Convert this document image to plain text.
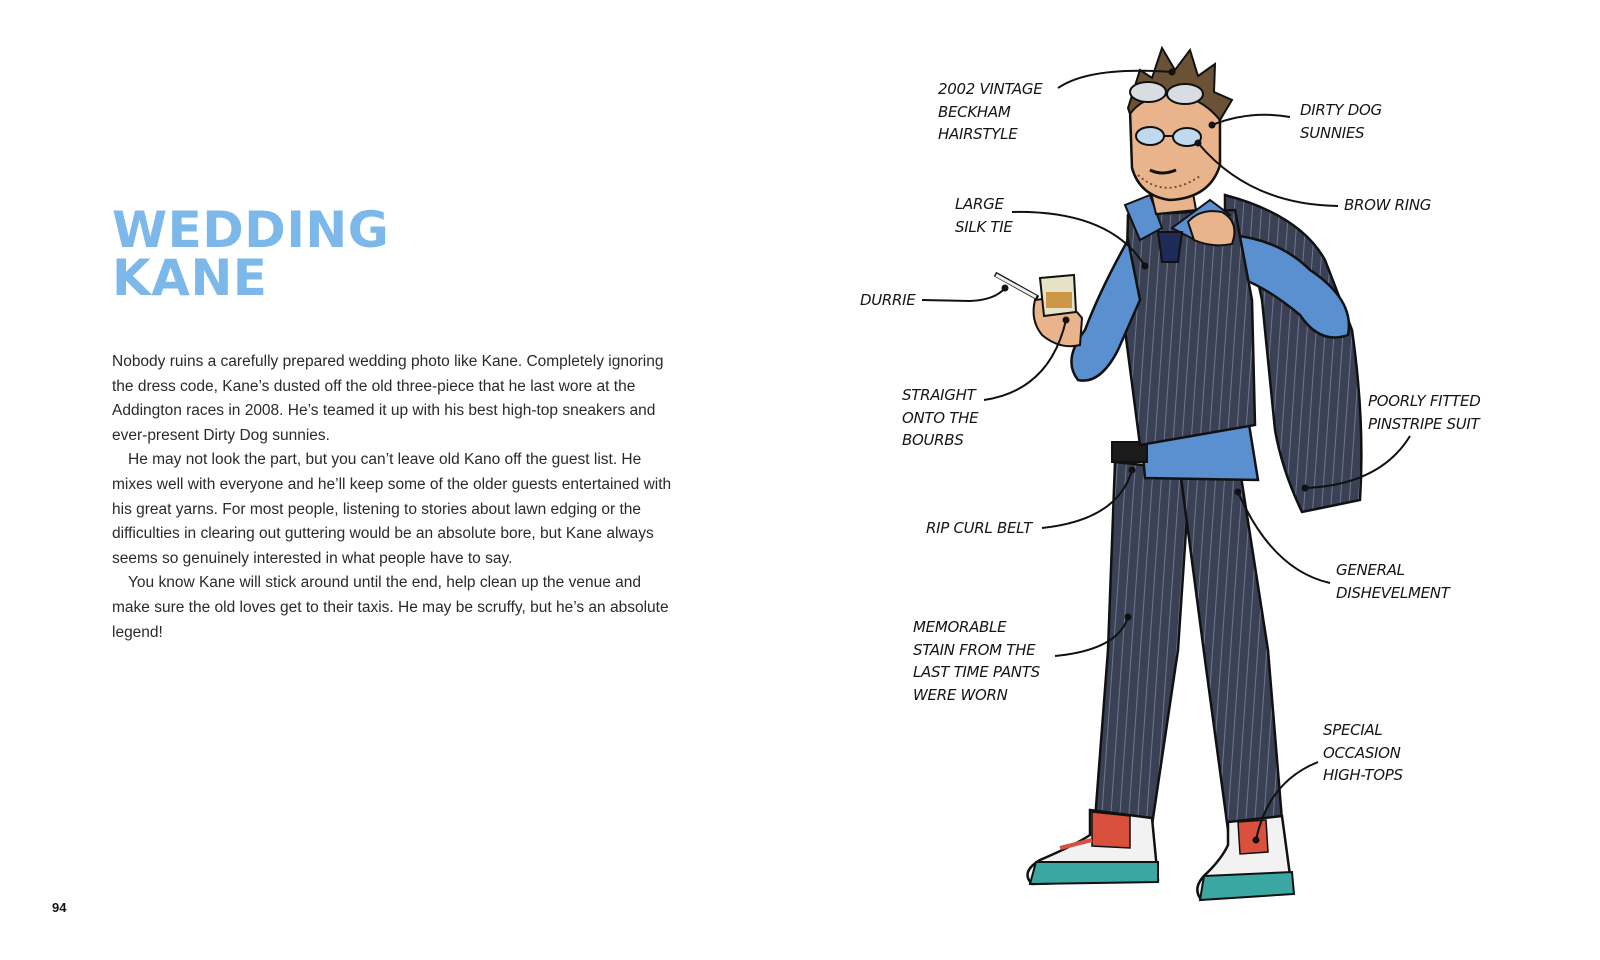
WEDDING
KANE

Nobody ruins a carefully prepared wedding photo like Kane. Completely ignoring the dress code, Kane’s dusted off the old three-piece that he last wore at the Addington races in 2008. He’s teamed it up with his best high-top sneakers and ever-present Dirty Dog sunnies.

He may not look the part, but you can’t leave old Kano off the guest list. He mixes well with everyone and he’ll keep some of the older guests entertained with his great yarns. For most people, listening to stories about lawn edging or the difficulties in clearing out guttering would be an absolute bore, but Kane always seems so genuinely interested in what people have to say.

You know Kane will stick around until the end, help clean up the venue and make sure the old loves get to their taxis. He may be scruffy, but he’s an absolute legend!

94
2002 VINTAGE
BECKHAM
HAIRSTYLE
DIRTY DOG
SUNNIES
BROW RING
LARGE
SILK TIE
DURRIE
STRAIGHT
ONTO THE
BOURBS
POORLY FITTED
PINSTRIPE SUIT
RIP CURL BELT
GENERAL
DISHEVELMENT
MEMORABLE
STAIN FROM THE
LAST TIME PANTS
WERE WORN
SPECIAL
OCCASION
HIGH-TOPS
